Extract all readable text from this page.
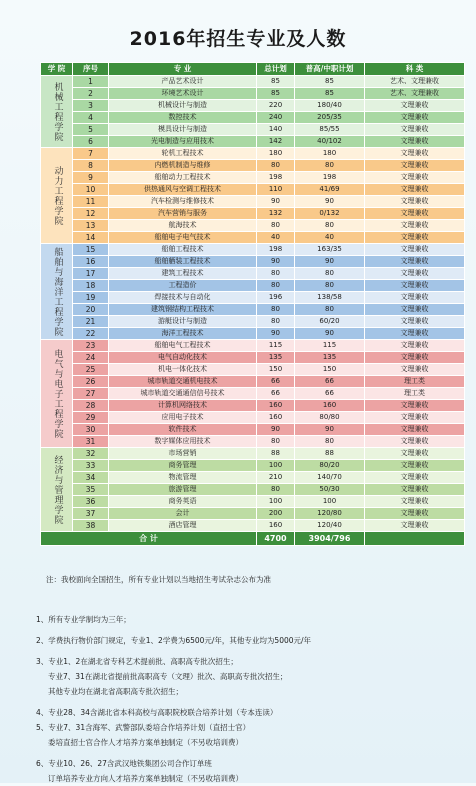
2016年招生专业及人数
学 院	序号	专 业	总计划	普高/中职计划	科 类
机械工程学院	1	产品艺术设计	85	85	艺术、文理兼收
	2	环境艺术设计	85	85	艺术、文理兼收
	3	机械设计与制造	220	180/40	文理兼收
	4	数控技术	240	205/35	文理兼收
	5	模具设计与制造	140	85/55	文理兼收
	6	光电制造与应用技术	142	40/102	文理兼收
动力工程学院	7	轮机工程技术	180	180	文理兼收
	8	内燃机制造与维修	80	80	文理兼收
	9	船舶动力工程技术	198	198	文理兼收
	10	供热通风与空调工程技术	110	41/69	文理兼收
	11	汽车检测与维修技术	90	90	文理兼收
	12	汽车营销与服务	132	0/132	文理兼收
	13	航海技术	80	80	文理兼收
	14	船舶电子电气技术	40	40	文理兼收
船舶与海洋工程学院	15	船舶工程技术	198	163/35	文理兼收
	16	船舶舾装工程技术	90	90	文理兼收
	17	建筑工程技术	80	80	文理兼收
	18	工程造价	80	80	文理兼收
	19	焊接技术与自动化	196	138/58	文理兼收
	20	建筑钢结构工程技术	80	80	文理兼收
	21	游艇设计与制造	80	60/20	文理兼收
	22	海洋工程技术	90	90	文理兼收
电气与电子工程学院	23	船舶电气工程技术	115	115	文理兼收
	24	电气自动化技术	135	135	文理兼收
	25	机电一体化技术	150	150	文理兼收
	26	城市轨道交通机电技术	66	66	理工类
	27	城市轨道交通通信信号技术	66	66	理工类
	28	计算机网络技术	160	160	文理兼收
	29	应用电子技术	160	80/80	文理兼收
	30	软件技术	90	90	文理兼收
	31	数字媒体应用技术	80	80	文理兼收
经济与管理学院	32	市场营销	88	88	文理兼收
	33	商务管理	100	80/20	文理兼收
	34	物流管理	210	140/70	文理兼收
	35	旅游管理	80	50/30	文理兼收
	36	商务英语	100	100	文理兼收
	37	会计	200	120/80	文理兼收
	38	酒店管理	160	120/40	文理兼收
合 计			4700	3904/796	
注：我校面向全国招生，所有专业计划以当地招生考试杂志公布为准
1、所有专业学制均为三年；
2、学费执行物价部门规定，专业1、2学费为6500元/年，其他专业均为5000元/年
3、专业1、2在湖北省专科艺术提前批、高职高专批次招生；
专业7、31在湖北省提前批高职高专（文理）批次、高职高专批次招生；
其他专业均在湖北省高职高专批次招生；
4、专业28、34含湖北省本科高校与高职院校联合培养计划（专本连读）
5、专业7、31含海军、武警部队委培合作培养计划（直招士官）
委培直招士官合作人才培养方案单独制定（不另收培训费）
6、专业10、26、27含武汉地铁集团公司合作订单班
订单培养专业方向人才培养方案单独制定（不另收培训费）
